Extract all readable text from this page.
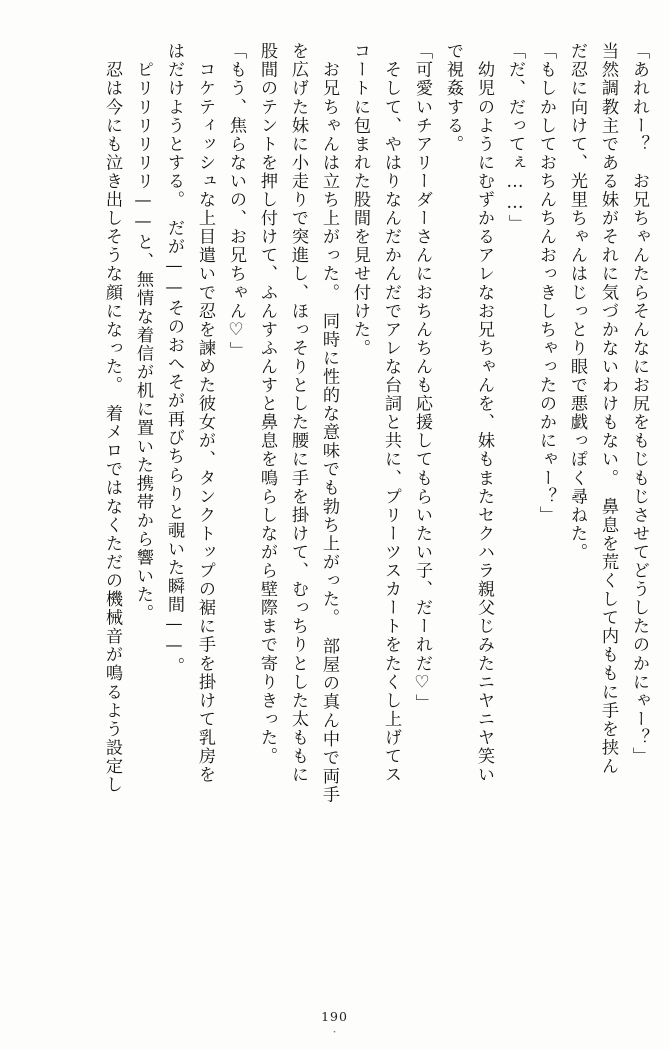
「あれれー？　お兄ちゃんたらそんなにお尻をもじもじさせてどうしたのかにゃー？」
当然調教主である妹がそれに気づかないわけもない。　鼻息を荒くして内ももに手を挟ん
だ忍に向けて、光里ちゃんはじっとり眼で悪戯っぽく尋ねた。
「もしかしておちんちんおっきしちゃったのかにゃー？」
「だ、だってぇ……」
　幼児のようにむずかるアレなお兄ちゃんを、妹もまたセクハラ親父じみたニヤニヤ笑い
で視姦する。
「可愛いチアリーダーさんにおちんちんも応援してもらいたい子、だーれだ♡」
　そして、やはりなんだかんだでアレな台詞と共に、プリーツスカートをたくし上げてス
コートに包まれた股間を見せ付けた。
　お兄ちゃんは立ち上がった。　同時に性的な意味でも勃ち上がった。　部屋の真ん中で両手
を広げた妹に小走りで突進し、ほっそりとした腰に手を掛けて、むっちりとした太ももに
股間のテントを押し付けて、ふんすふんすと鼻息を鳴らしながら壁際まで寄りきった。
「もう、焦らないの、お兄ちゃん♡」
　コケティッシュな上目遣いで忍を諫めた彼女が、タンクトップの裾に手を掛けて乳房を
はだけようとする。　だが——そのおへそが再びちらりと覗いた瞬間——。
　ピリリリリリリ——と、無情な着信が机に置いた携帯から響いた。
　忍は今にも泣き出しそうな顔になった。　着メロではなくただの機械音が鳴るよう設定し
190
・
